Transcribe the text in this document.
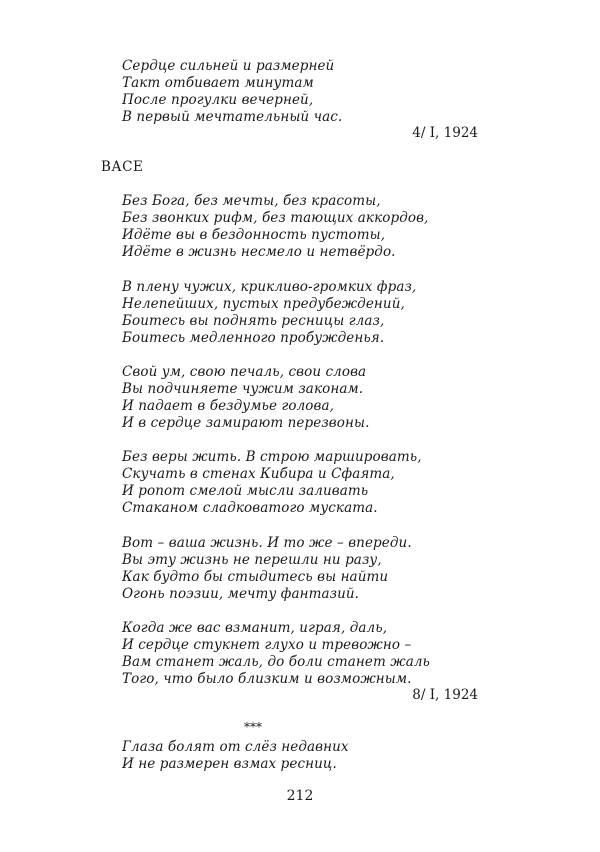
Сердце сильней и размерней
Такт отбивает минутам
После прогулки вечерней,
В первый мечтательный час.
4/ I, 1924
ВАСЕ
Без Бога, без мечты, без красоты,
Без звонких рифм, без тающих аккордов,
Идёте вы в бездонность пустоты,
Идёте в жизнь несмело и нетвёрдо.
В плену чужих, крикливо-громких фраз,
Нелепейших, пустых предубеждений,
Боитесь вы поднять ресницы глаз,
Боитесь медленного пробужденья.
Свой ум, свою печаль, свои слова
Вы подчиняете чужим законам.
И падает в бездумье голова,
И в сердце замирают перезвоны.
Без веры жить. В строю маршировать,
Скучать в стенах Кибира и Сфаята,
И ропот смелой мысли заливать
Стаканом сладковатого муската.
Вот – ваша жизнь. И то же – впереди.
Вы эту жизнь не перешли ни разу,
Как будто бы стыдитесь вы найти
Огонь поэзии, мечту фантазий.
Когда же вас взманит, играя, даль,
И сердце стукнет глухо и тревожно –
Вам станет жаль, до боли станет жаль
Того, что было близким и возможным.
8/ I, 1924
***
Глаза болят от слёз недавних
И не размерен взмах ресниц.
212
